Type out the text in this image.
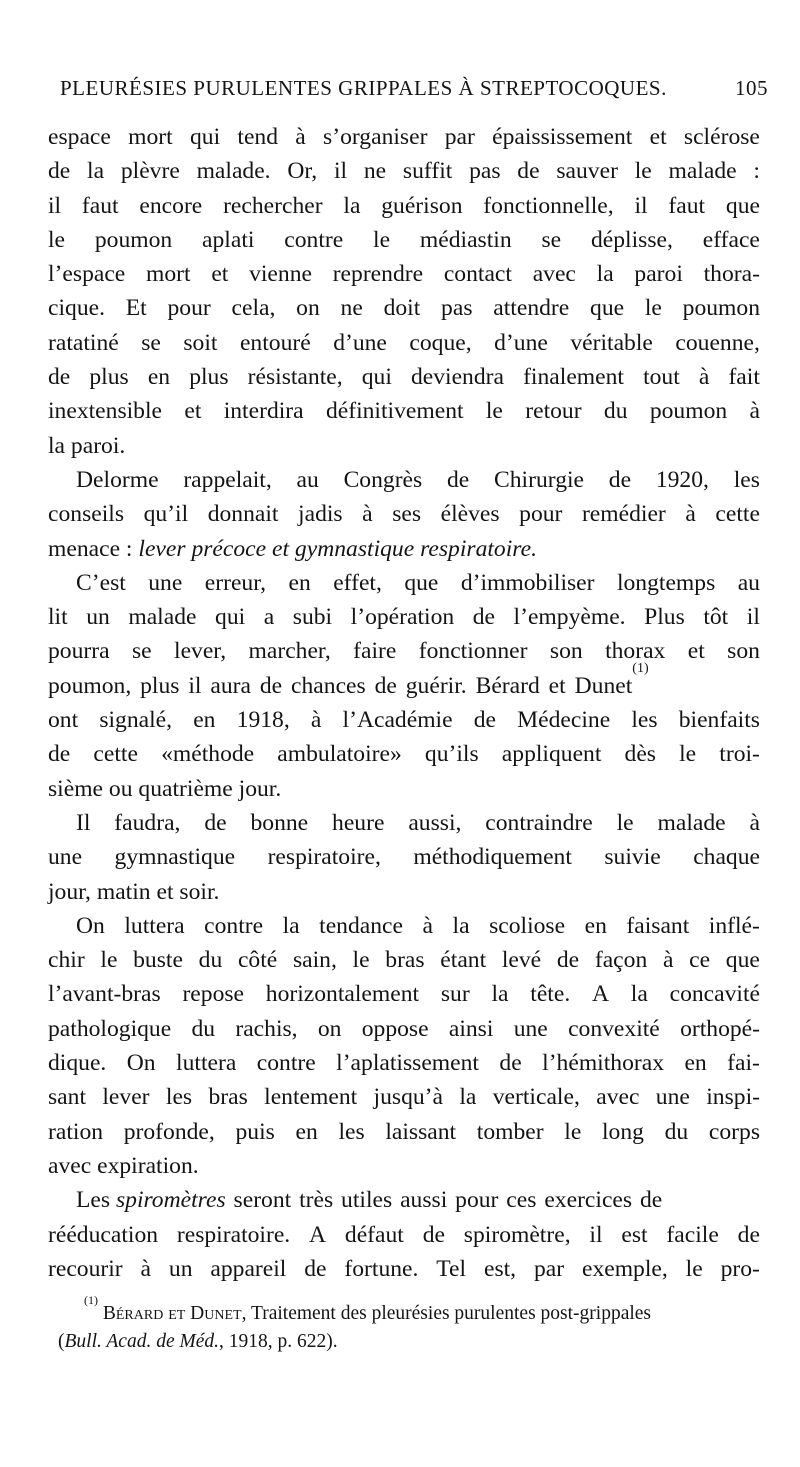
PLEURÉSIES PURULENTES GRIPPALES À STREPTOCOQUES.	105
espace mort qui tend à s’organiser par épaississement et sclérose
de la plèvre malade. Or, il ne suffit pas de sauver le malade :
il faut encore rechercher la guérison fonctionnelle, il faut que
le poumon aplati contre le médiastin se déplisse, efface
l’espace mort et vienne reprendre contact avec la paroi thora-
cique. Et pour cela, on ne doit pas attendre que le poumon
ratatiné se soit entouré d’une coque, d’une véritable couenne,
de plus en plus résistante, qui deviendra finalement tout à fait
inextensible et interdira définitivement le retour du poumon à
la paroi.
Delorme rappelait, au Congrès de Chirurgie de 1920, les
conseils qu’il donnait jadis à ses élèves pour remédier à cette
menace : lever précoce et gymnastique respiratoire.
C’est une erreur, en effet, que d’immobiliser longtemps au
lit un malade qui a subi l’opération de l’empyème. Plus tôt il
pourra se lever, marcher, faire fonctionner son thorax et son
poumon, plus il aura de chances de guérir. Bérard et Dunet
(1)
ont signalé, en 1918, à l’Académie de Médecine les bienfaits
de cette «méthode ambulatoire» qu’ils appliquent dès le troi-
sième ou quatrième jour.
Il faudra, de bonne heure aussi, contraindre le malade à
une gymnastique respiratoire, méthodiquement suivie chaque
jour, matin et soir.
On luttera contre la tendance à la scoliose en faisant inflé-
chir le buste du côté sain, le bras étant levé de façon à ce que
l’avant-bras repose horizontalement sur la tête. A la concavité
pathologique du rachis, on oppose ainsi une convexité orthopé-
dique. On luttera contre l’aplatissement de l’hémithorax en fai-
sant lever les bras lentement jusqu’à la verticale, avec une inspi-
ration profonde, puis en les laissant tomber le long du corps
avec expiration.
Les spiromètres seront très utiles aussi pour ces exercices de
rééducation respiratoire. A défaut de spiromètre, il est facile de
recourir à un appareil de fortune. Tel est, par exemple, le pro-
(1)

Bérard et Dunet , Traitement des pleurésies purulentes post-grippales
( Bull. Acad. de Méd. , 1918, p. 622).
